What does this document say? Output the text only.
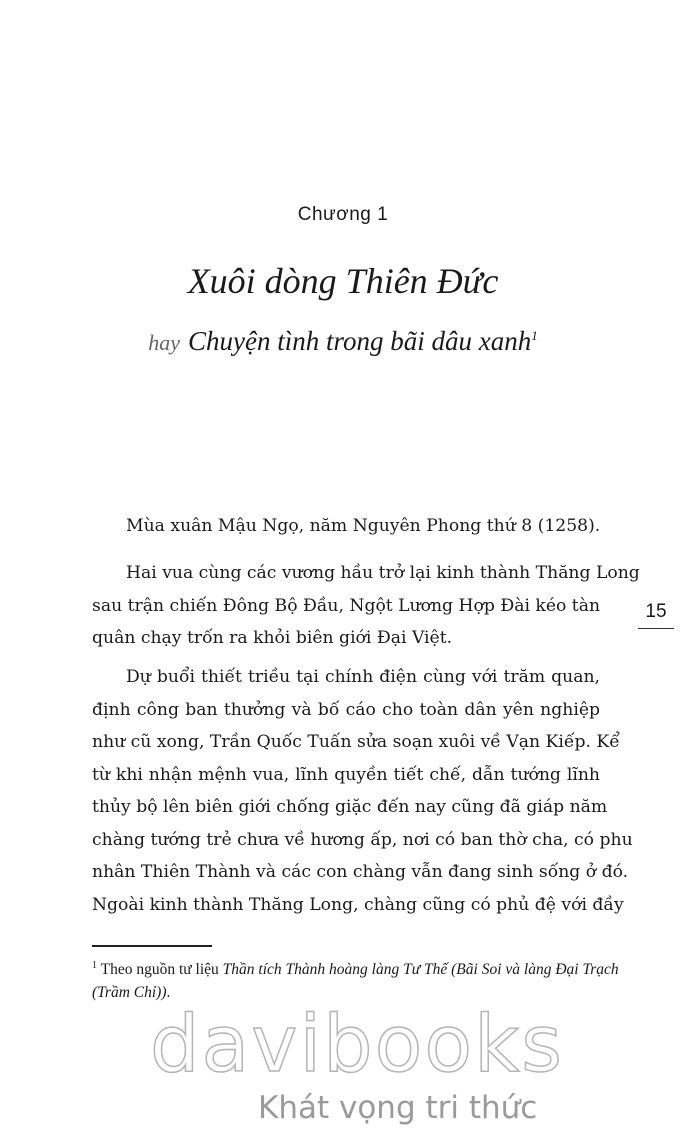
Chương 1
Xuôi dòng Thiên Đức
hay Chuyện tình trong bãi dâu xanh$^1$
Mùa xuân Mậu Ngọ, năm Nguyên Phong thứ 8 (1258).
Hai vua cùng các vương hầu trở lại kinh thành Thăng Long
sau trận chiến Đông Bộ Đầu, Ngột Lương Hợp Đài kéo tàn
quân chạy trốn ra khỏi biên giới Đại Việt.
15
Dự buổi thiết triều tại chính điện cùng với trăm quan,
định công ban thưởng và bố cáo cho toàn dân yên nghiệp
như cũ xong, Trần Quốc Tuấn sửa soạn xuôi về Vạn Kiếp. Kể
từ khi nhận mệnh vua, lĩnh quyền tiết chế, dẫn tướng lĩnh
thủy bộ lên biên giới chống giặc đến nay cũng đã giáp năm
chàng tướng trẻ chưa về hương ấp, nơi có ban thờ cha, có phu
nhân Thiên Thành và các con chàng vẫn đang sinh sống ở đó.
Ngoài kinh thành Thăng Long, chàng cũng có phủ đệ với đầy
$^1$ Theo nguồn tư liệu Thần tích Thành hoàng làng Tư Thế (Bãi Soi và làng Đại Trạch (Trầm Chỉ)).
davibooks
Khát vọng tri thức
